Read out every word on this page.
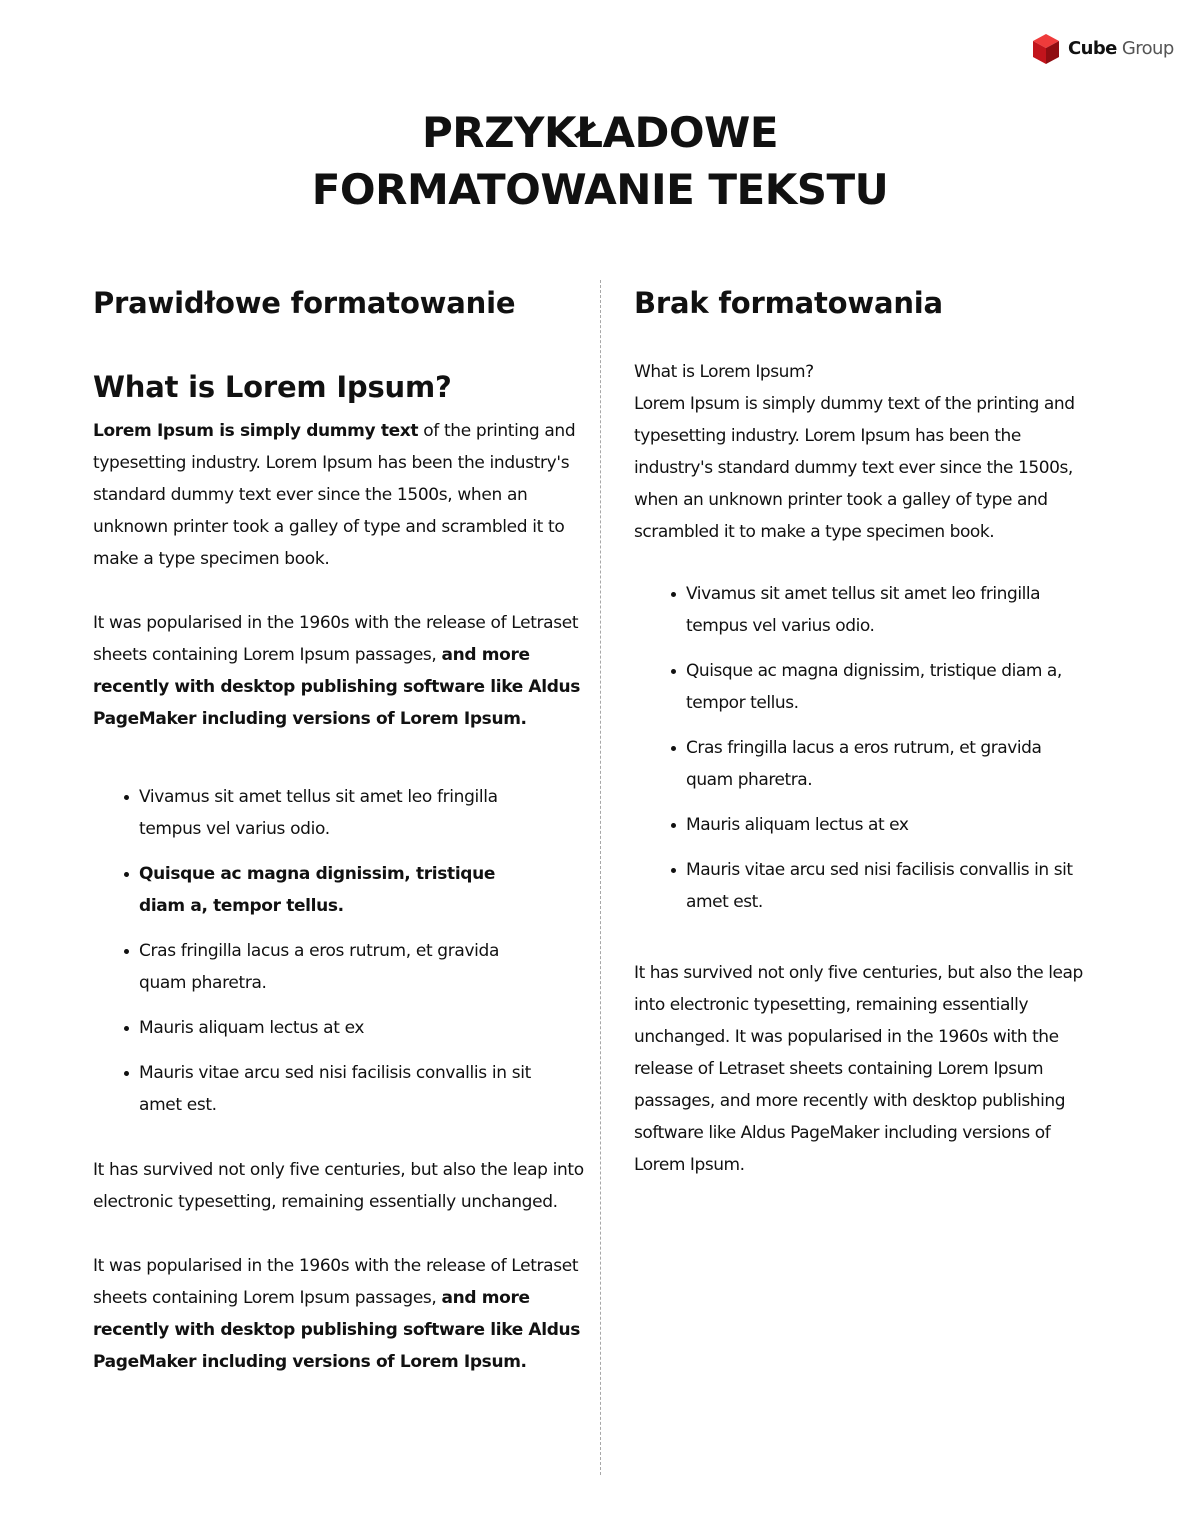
Cube Group
PRZYKŁADOWE
FORMATOWANIE TEKSTU
Prawidłowe formatowanie
What is Lorem Ipsum?

Lorem Ipsum is simply dummy text of the printing and typesetting industry. Lorem Ipsum has been the industry's standard dummy text ever since the 1500s, when an unknown printer took a galley of type and scrambled it to make a type specimen book.

It was popularised in the 1960s with the release of Letraset sheets containing Lorem Ipsum passages, and more recently with desktop publishing software like Aldus PageMaker including versions of Lorem Ipsum.

Vivamus sit amet tellus sit amet leo fringilla tempus vel varius odio.
Quisque ac magna dignissim, tristique diam a, tempor tellus.
Cras fringilla lacus a eros rutrum, et gravida quam pharetra.
Mauris aliquam lectus at ex
Mauris vitae arcu sed nisi facilisis convallis in sit amet est.

It has survived not only five centuries, but also the leap into electronic typesetting, remaining essentially unchanged.

It was popularised in the 1960s with the release of Letraset sheets containing Lorem Ipsum passages, and more recently with desktop publishing software like Aldus PageMaker including versions of Lorem Ipsum.

Brak formatowania

What is Lorem Ipsum?

Lorem Ipsum is simply dummy text of the printing and typesetting industry. Lorem Ipsum has been the industry's standard dummy text ever since the 1500s, when an unknown printer took a galley of type and scrambled it to make a type specimen book.

Vivamus sit amet tellus sit amet leo fringilla tempus vel varius odio.
Quisque ac magna dignissim, tristique diam a, tempor tellus.
Cras fringilla lacus a eros rutrum, et gravida quam pharetra.
Mauris aliquam lectus at ex
Mauris vitae arcu sed nisi facilisis convallis in sit amet est.

It has survived not only five centuries, but also the leap into electronic typesetting, remaining essentially unchanged. It was popularised in the 1960s with the release of Letraset sheets containing Lorem Ipsum passages, and more recently with desktop publishing software like Aldus PageMaker including versions of Lorem Ipsum.
